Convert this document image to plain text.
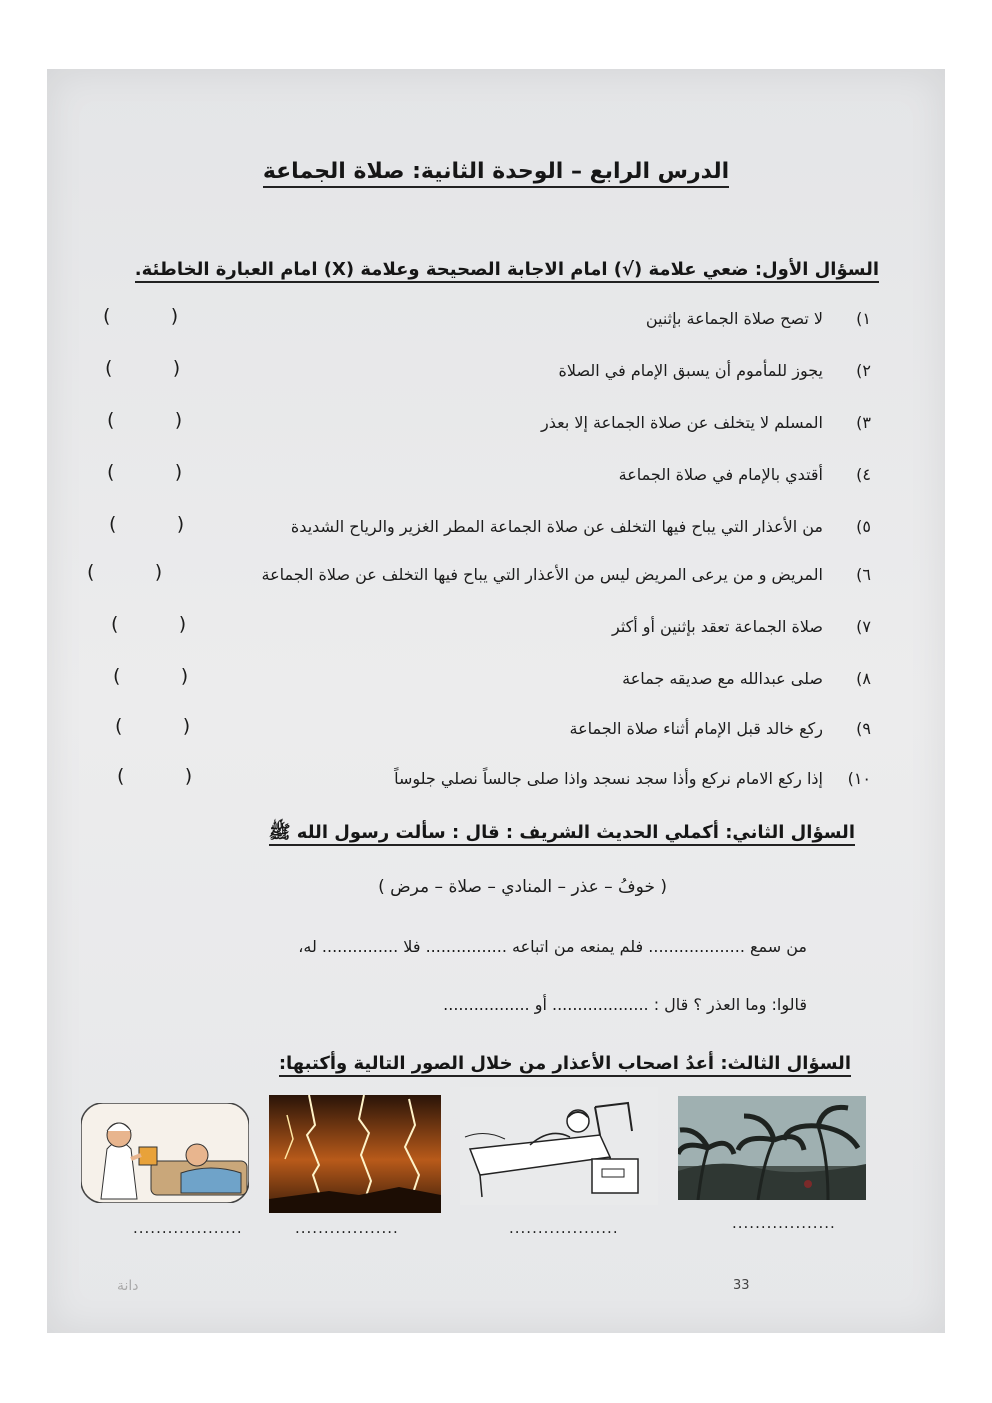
الدرس الرابع – الوحدة الثانية: صلاة الجماعة
السؤال الأول: ضعي علامة (√) امام الاجابة الصحيحة وعلامة (X) امام العبارة الخاطئة.
١)لا تصح صلاة الجماعة بإثنين
(          )
٢)يجوز للمأموم أن يسبق الإمام في الصلاة
(          )
٣)المسلم لا يتخلف عن صلاة الجماعة إلا بعذر
(          )
٤)أقتدي بالإمام في صلاة الجماعة
(          )
٥)من الأعذار التي يباح فيها التخلف عن صلاة الجماعة المطر الغزير والرياح الشديدة
(          )
٦)المريض و من يرعى المريض ليس من الأعذار التي يباح فيها التخلف عن صلاة الجماعة
(          )
٧)صلاة الجماعة تعقد بإثنين أو أكثر
(          )
٨)صلى عبدالله مع صديقه جماعة
(          )
٩)ركع خالد قبل الإمام أثناء صلاة الجماعة
(          )
١٠)إذا ركع الامام نركع وأذا سجد نسجد واذا صلى جالساً نصلي جلوساً
(          )
السؤال الثاني: أكملي الحديث الشريف : قال : سألت رسول الله ﷺ
( خوفُ – عذر – المنادي – صلاة – مرض )
من سمع ................... فلم يمنعه من اتباعه ................ فلا ............... له،
قالوا: وما العذر ؟ قال : ................... أو .................
السؤال الثالث: أعدُ اصحاب الأعذار من خلال الصور التالية وأكتبها:
..................
...................
..................
...................
33
دانة
